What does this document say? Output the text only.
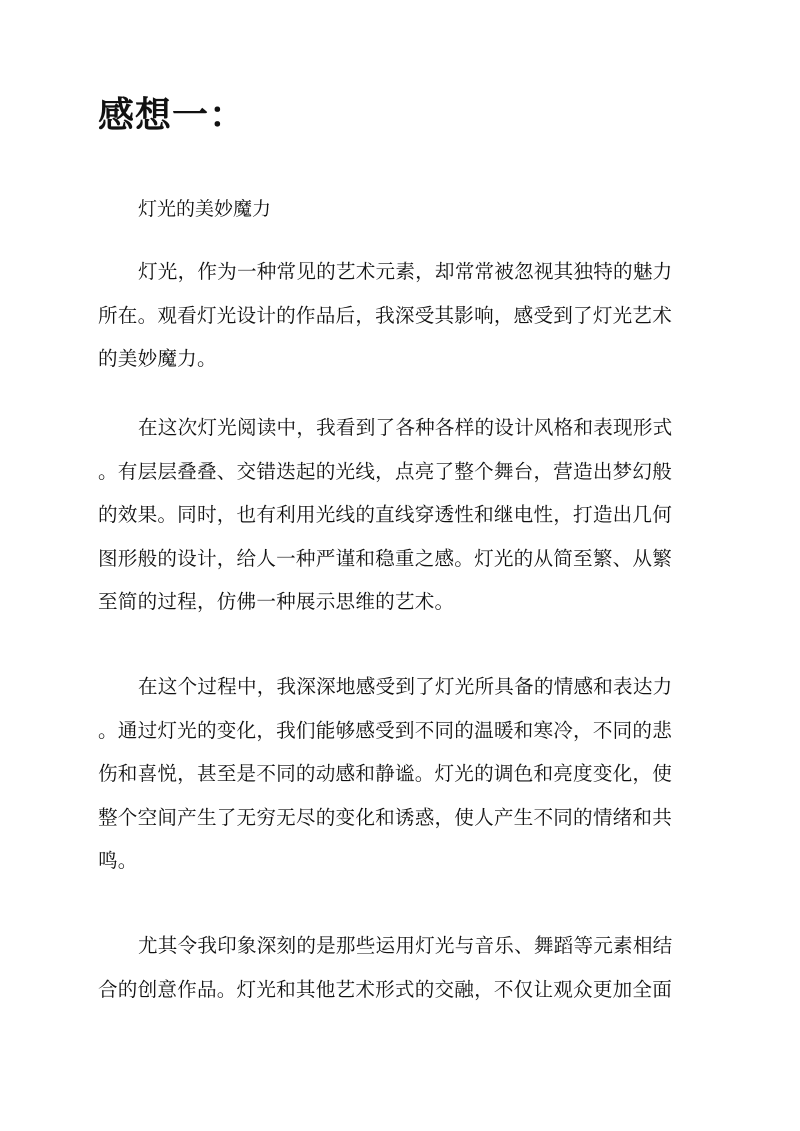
感想一：

灯光的美妙魔力

灯光，作为一种常见的艺术元素，却常常被忽视其独特的魅力
所在。观看灯光设计的作品后，我深受其影响，感受到了灯光艺术
的美妙魔力。

在这次灯光阅读中，我看到了各种各样的设计风格和表现形式
。有层层叠叠、交错迭起的光线，点亮了整个舞台，营造出梦幻般
的效果。同时，也有利用光线的直线穿透性和继电性，打造出几何
图形般的设计，给人一种严谨和稳重之感。灯光的从简至繁、从繁
至简的过程，仿佛一种展示思维的艺术。

在这个过程中，我深深地感受到了灯光所具备的情感和表达力
。通过灯光的变化，我们能够感受到不同的温暖和寒冷，不同的悲
伤和喜悦，甚至是不同的动感和静谧。灯光的调色和亮度变化，使
整个空间产生了无穷无尽的变化和诱惑，使人产生不同的情绪和共
鸣。

尤其令我印象深刻的是那些运用灯光与音乐、舞蹈等元素相结
合的创意作品。灯光和其他艺术形式的交融，不仅让观众更加全面
